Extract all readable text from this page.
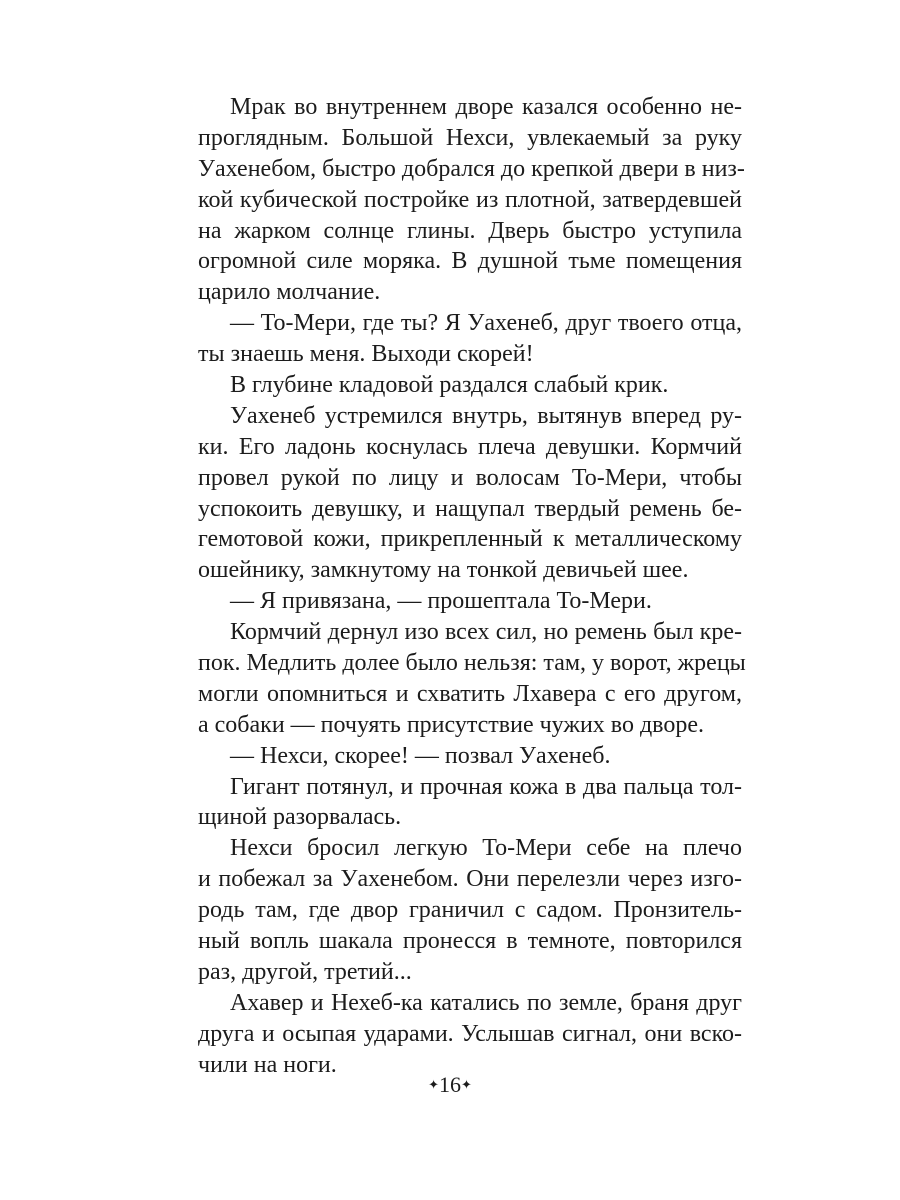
Мрак во внутреннем дворе казался особенно не-
проглядным. Большой Нехси, увлекаемый за руку
Уахенебом, быстро добрался до крепкой двери в низ-
кой кубической постройке из плотной, затвердевшей
на жарком солнце глины. Дверь быстро уступила
огромной силе моряка. В душной тьме помещения
царило молчание.
— То-Мери, где ты? Я Уахенеб, друг твоего отца,
ты знаешь меня. Выходи скорей!
В глубине кладовой раздался слабый крик.
Уахенеб устремился внутрь, вытянув вперед ру-
ки. Его ладонь коснулась плеча девушки. Кормчий
провел рукой по лицу и волосам То-Мери, чтобы
успокоить девушку, и нащупал твердый ремень бе-
гемотовой кожи, прикрепленный к металлическому
ошейнику, замкнутому на тонкой девичьей шее.
— Я привязана, — прошептала То-Мери.
Кормчий дернул изо всех сил, но ремень был кре-
пок. Медлить долее было нельзя: там, у ворот, жрецы
могли опомниться и схватить Лхавера с его другом,
а собаки — почуять присутствие чужих во дворе.
— Нехси, скорее! — позвал Уахенеб.
Гигант потянул, и прочная кожа в два пальца тол-
щиной разорвалась.
Нехси бросил легкую То-Мери себе на плечо
и побежал за Уахенебом. Они перелезли через изго-
родь там, где двор граничил с садом. Пронзитель-
ный вопль шакала пронесся в темноте, повторился
раз, другой, третий...
Ахавер и Нехеб-ка катались по земле, браня друг
друга и осыпая ударами. Услышав сигнал, они вско-
чили на ноги.
✦16✦
